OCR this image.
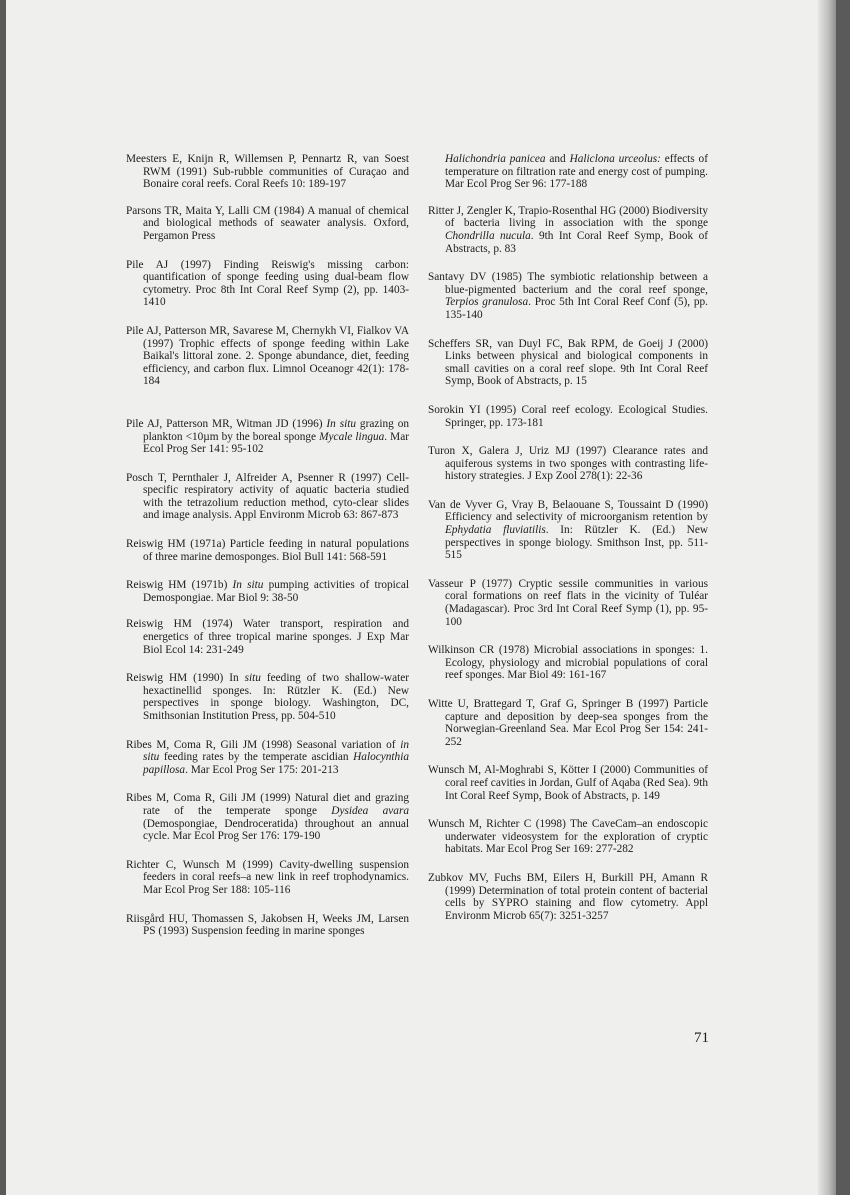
Meesters E, Knijn R, Willemsen P, Pennartz R, van Soest RWM (1991) Sub-rubble communities of Curaçao and Bonaire coral reefs. Coral Reefs 10: 189-197

Parsons TR, Maita Y, Lalli CM (1984) A manual of chemical and biological methods of seawater analysis. Oxford, Pergamon Press

Pile AJ (1997) Finding Reiswig's missing carbon: quantification of sponge feeding using dual-beam flow cytometry. Proc 8th Int Coral Reef Symp (2), pp. 1403-1410

Pile AJ, Patterson MR, Savarese M, Chernykh VI, Fialkov VA (1997) Trophic effects of sponge feeding within Lake Baikal's littoral zone. 2. Sponge abundance, diet, feeding efficiency, and carbon flux. Limnol Oceanogr 42(1): 178-184

Pile AJ, Patterson MR, Witman JD (1996) In situ grazing on plankton <10µm by the boreal sponge Mycale lingua. Mar Ecol Prog Ser 141: 95-102

Posch T, Pernthaler J, Alfreider A, Psenner R (1997) Cell-specific respiratory activity of aquatic bacteria studied with the tetrazolium reduction method, cyto-clear slides and image analysis. Appl Environm Microb 63: 867-873

Reiswig HM (1971a) Particle feeding in natural populations of three marine demosponges. Biol Bull 141: 568-591

Reiswig HM (1971b) In situ pumping activities of tropical Demospongiae. Mar Biol 9: 38-50

Reiswig HM (1974) Water transport, respiration and energetics of three tropical marine sponges. J Exp Mar Biol Ecol 14: 231-249

Reiswig HM (1990) In situ feeding of two shallow-water hexactinellid sponges. In: Rützler K. (Ed.) New perspectives in sponge biology. Washington, DC, Smithsonian Institution Press, pp. 504-510

Ribes M, Coma R, Gili JM (1998) Seasonal variation of in situ feeding rates by the temperate ascidian Halocynthia papillosa. Mar Ecol Prog Ser 175: 201-213

Ribes M, Coma R, Gili JM (1999) Natural diet and grazing rate of the temperate sponge Dysidea avara (Demospongiae, Dendroceratida) throughout an annual cycle. Mar Ecol Prog Ser 176: 179-190

Richter C, Wunsch M (1999) Cavity-dwelling suspension feeders in coral reefs–a new link in reef trophodynamics. Mar Ecol Prog Ser 188: 105-116

Riisgård HU, Thomassen S, Jakobsen H, Weeks JM, Larsen PS (1993) Suspension feeding in marine sponges

Halichondria panicea and Haliclona urceolus: effects of temperature on filtration rate and energy cost of pumping. Mar Ecol Prog Ser 96: 177-188

Ritter J, Zengler K, Trapio-Rosenthal HG (2000) Biodiversity of bacteria living in association with the sponge Chondrilla nucula. 9th Int Coral Reef Symp, Book of Abstracts, p. 83

Santavy DV (1985) The symbiotic relationship between a blue-pigmented bacterium and the coral reef sponge, Terpios granulosa. Proc 5th Int Coral Reef Conf (5), pp. 135-140

Scheffers SR, van Duyl FC, Bak RPM, de Goeij J (2000) Links between physical and biological components in small cavities on a coral reef slope. 9th Int Coral Reef Symp, Book of Abstracts, p. 15

Sorokin YI (1995) Coral reef ecology. Ecological Studies. Springer, pp. 173-181

Turon X, Galera J, Uriz MJ (1997) Clearance rates and aquiferous systems in two sponges with contrasting life-history strategies. J Exp Zool 278(1): 22-36

Van de Vyver G, Vray B, Belaouane S, Toussaint D (1990) Efficiency and selectivity of microorganism retention by Ephydatia fluviatilis. In: Rützler K. (Ed.) New perspectives in sponge biology. Smithson Inst, pp. 511-515

Vasseur P (1977) Cryptic sessile communities in various coral formations on reef flats in the vicinity of Tuléar (Madagascar). Proc 3rd Int Coral Reef Symp (1), pp. 95-100

Wilkinson CR (1978) Microbial associations in sponges: 1. Ecology, physiology and microbial populations of coral reef sponges. Mar Biol 49: 161-167

Witte U, Brattegard T, Graf G, Springer B (1997) Particle capture and deposition by deep-sea sponges from the Norwegian-Greenland Sea. Mar Ecol Prog Ser 154: 241-252

Wunsch M, Al-Moghrabi S, Kötter I (2000) Communities of coral reef cavities in Jordan, Gulf of Aqaba (Red Sea). 9th Int Coral Reef Symp, Book of Abstracts, p. 149

Wunsch M, Richter C (1998) The CaveCam–an endoscopic underwater videosystem for the exploration of cryptic habitats. Mar Ecol Prog Ser 169: 277-282

Zubkov MV, Fuchs BM, Eilers H, Burkill PH, Amann R (1999) Determination of total protein content of bacterial cells by SYPRO staining and flow cytometry. Appl Environm Microb 65(7): 3251-3257

71
